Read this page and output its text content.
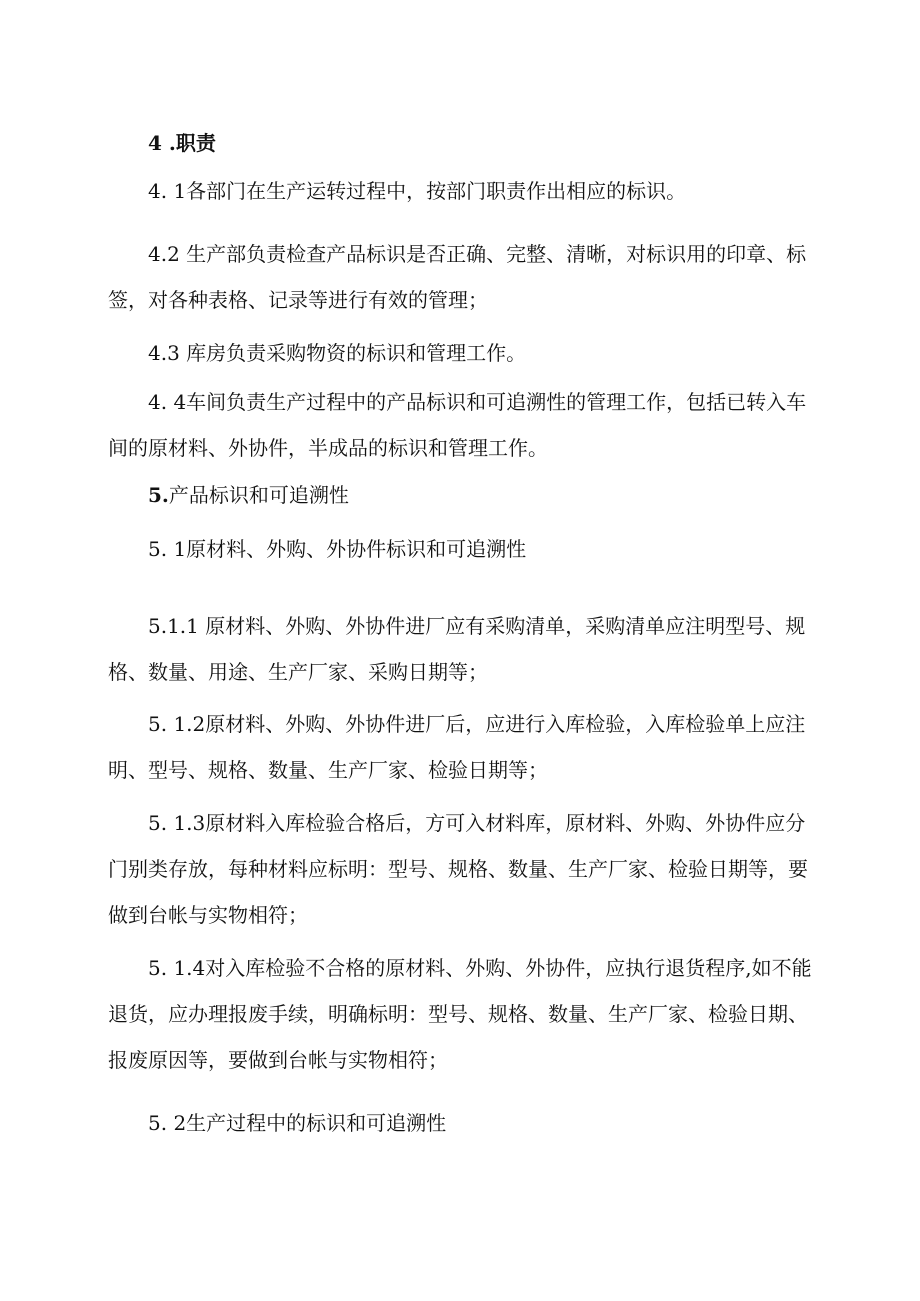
4 .职责

4. 1各部门在生产运转过程中，按部门职责作出相应的标识。

4.2 生产部负责检查产品标识是否正确、完整、清晰，对标识用的印章、标签，对各种表格、记录等进行有效的管理；

4.3 库房负责采购物资的标识和管理工作。

4. 4车间负责生产过程中的产品标识和可追溯性的管理工作，包括已转入车间的原材料、外协件，半成品的标识和管理工作。

5.产品标识和可追溯性

5. 1原材料、外购、外协件标识和可追溯性

5.1.1 原材料、外购、外协件进厂应有采购清单，采购清单应注明型号、规格、数量、用途、生产厂家、采购日期等；

5. 1.2原材料、外购、外协件进厂后，应进行入库检验，入库检验单上应注明、型号、规格、数量、生产厂家、检验日期等；

5. 1.3原材料入库检验合格后，方可入材料库，原材料、外购、外协件应分门别类存放，每种材料应标明：型号、规格、数量、生产厂家、检验日期等，要做到台帐与实物相符；

5. 1.4对入库检验不合格的原材料、外购、外协件，应执行退货程序,如不能退货，应办理报废手续，明确标明：型号、规格、数量、生产厂家、检验日期、报废原因等，要做到台帐与实物相符；

5. 2生产过程中的标识和可追溯性
